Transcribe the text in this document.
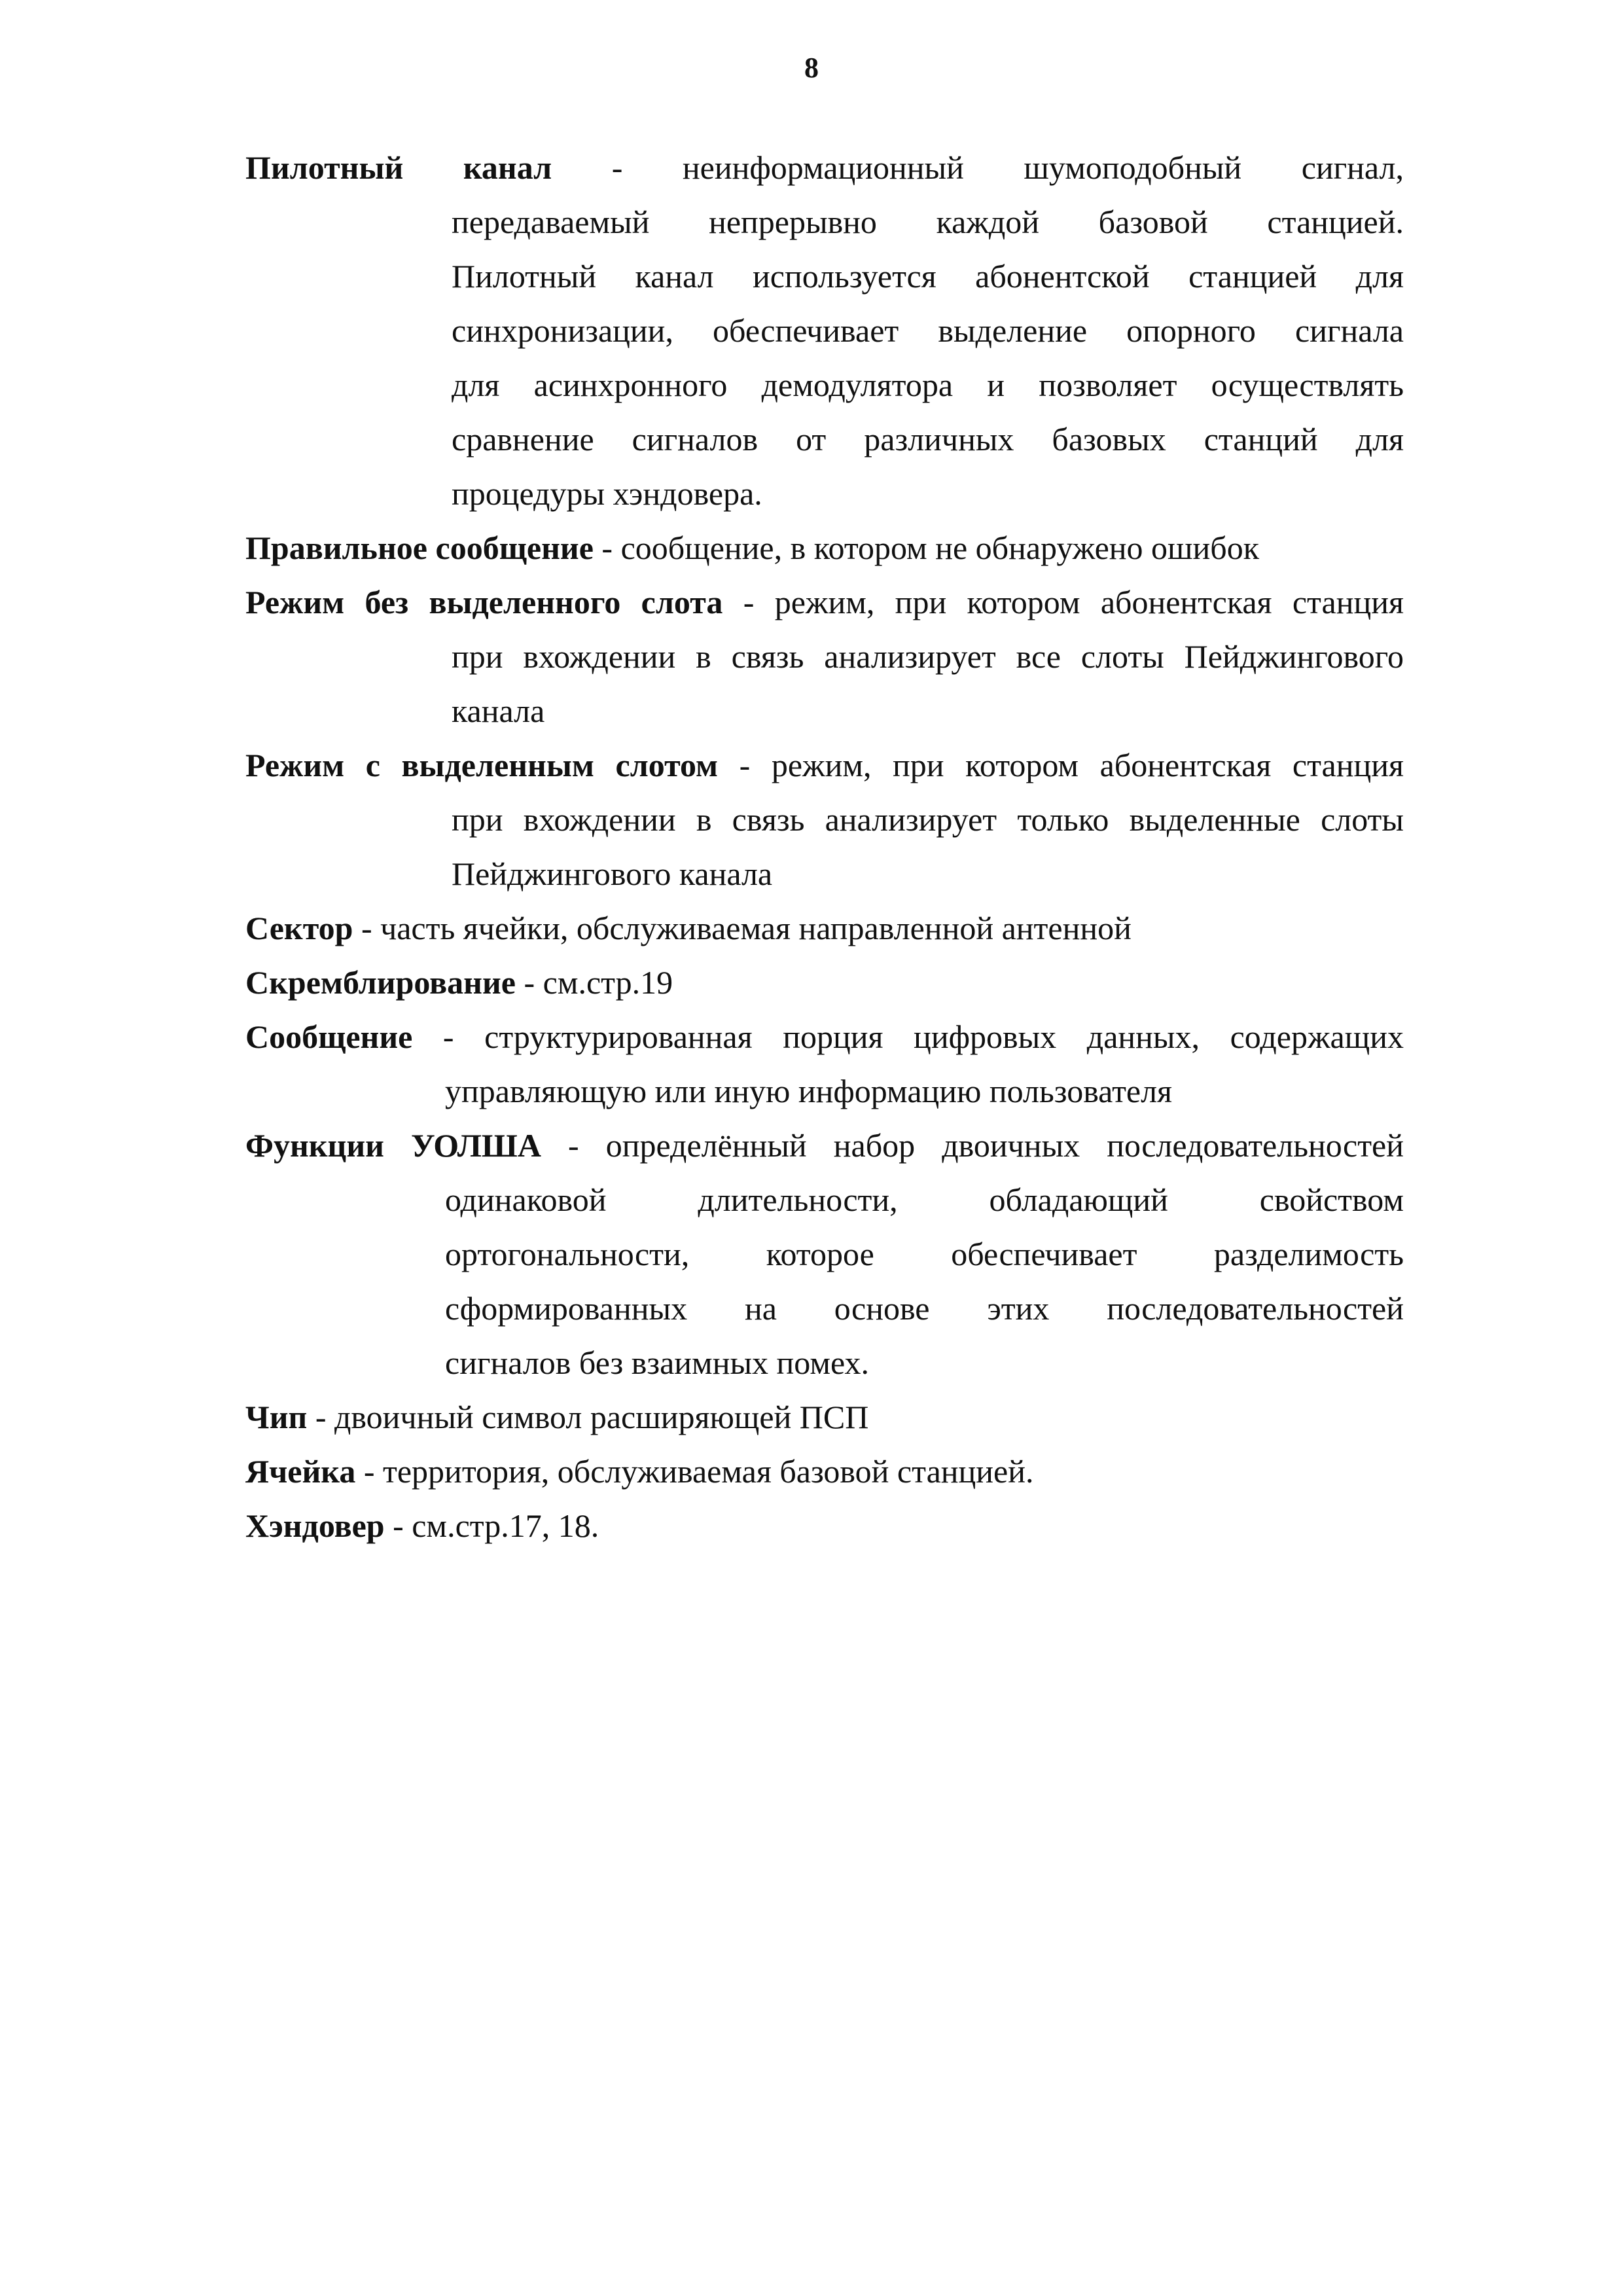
8
Пилотный канал - неинформационный шумоподобный сигнал,
передаваемый непрерывно каждой базовой станцией.
Пилотный канал используется абонентской станцией для
синхронизации, обеспечивает выделение опорного сигнала
для асинхронного демодулятора и позволяет осуществлять
сравнение сигналов от различных базовых станций для
процедуры хэндовера.
Правильное сообщение - сообщение, в котором не обнаружено ошибок
Режим без выделенного слота - режим, при котором абонентская станция
при вхождении в связь анализирует все слоты Пейджингового
канала
Режим с выделенным слотом - режим, при котором абонентская станция
при вхождении в связь анализирует только выделенные слоты
Пейджингового канала
Сектор - часть ячейки, обслуживаемая направленной антенной
Скремблирование - см.стр.19
Сообщение - структурированная порция цифровых данных, содержащих
управляющую или иную информацию пользователя
Функции УОЛША - определённый набор двоичных последовательностей
одинаковой длительности, обладающий свойством
ортогональности, которое обеспечивает разделимость
сформированных на основе этих последовательностей
сигналов без взаимных помех.
Чип - двоичный символ расширяющей ПСП
Ячейка - территория, обслуживаемая базовой станцией.
Хэндовер - см.стр.17, 18.
